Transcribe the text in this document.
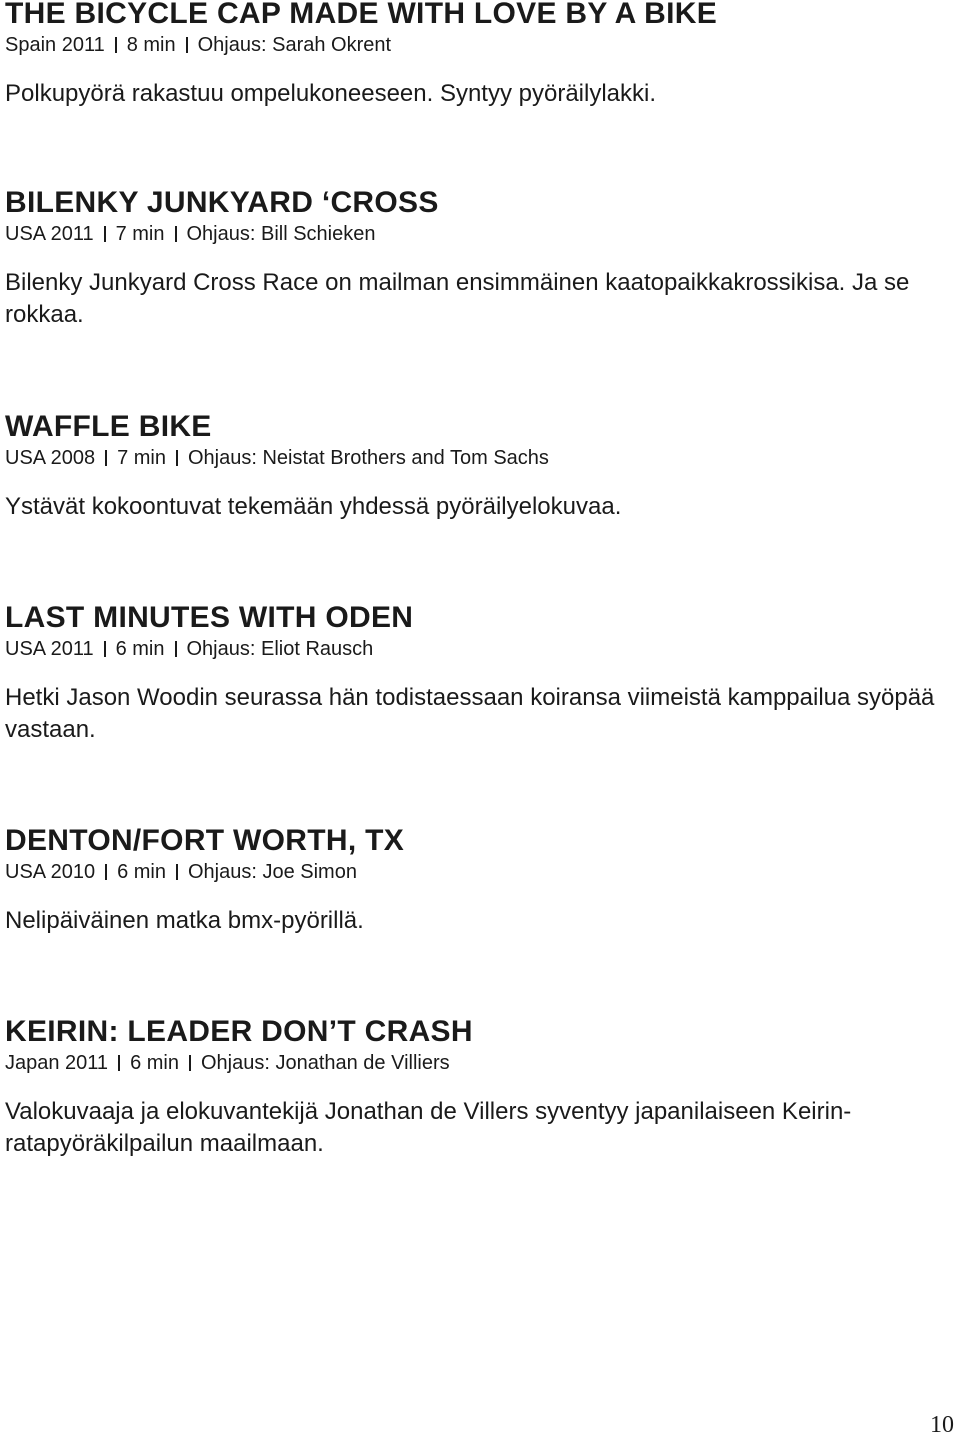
THE BICYCLE CAP MADE WITH LOVE BY A BIKE
Spain 2011 8 min Ohjaus: Sarah Okrent

Polkupyörä rakastuu ompelukoneeseen. Syntyy pyöräilylakki.

BILENKY JUNKYARD ‘CROSS
USA 2011 7 min Ohjaus: Bill Schieken

Bilenky Junkyard Cross Race on mailman ensimmäinen kaatopaikkakrossikisa. Ja se rokkaa.

WAFFLE BIKE
USA 2008 7 min Ohjaus: Neistat Brothers and Tom Sachs

Ystävät kokoontuvat tekemään yhdessä pyöräilyelokuvaa.

LAST MINUTES WITH ODEN
USA 2011 6 min Ohjaus: Eliot Rausch

Hetki Jason Woodin seurassa hän todistaessaan koiransa viimeistä kamppailua syöpää vastaan.

DENTON/FORT WORTH, TX
USA 2010 6 min Ohjaus: Joe Simon

Nelipäiväinen matka bmx-pyörillä.

KEIRIN: LEADER DON’T CRASH
Japan 2011 6 min Ohjaus: Jonathan de Villiers

Valokuvaaja ja elokuvantekijä Jonathan de Villers syventyy japanilaiseen Keirinratapyöräkilpailun maailmaan.

10
